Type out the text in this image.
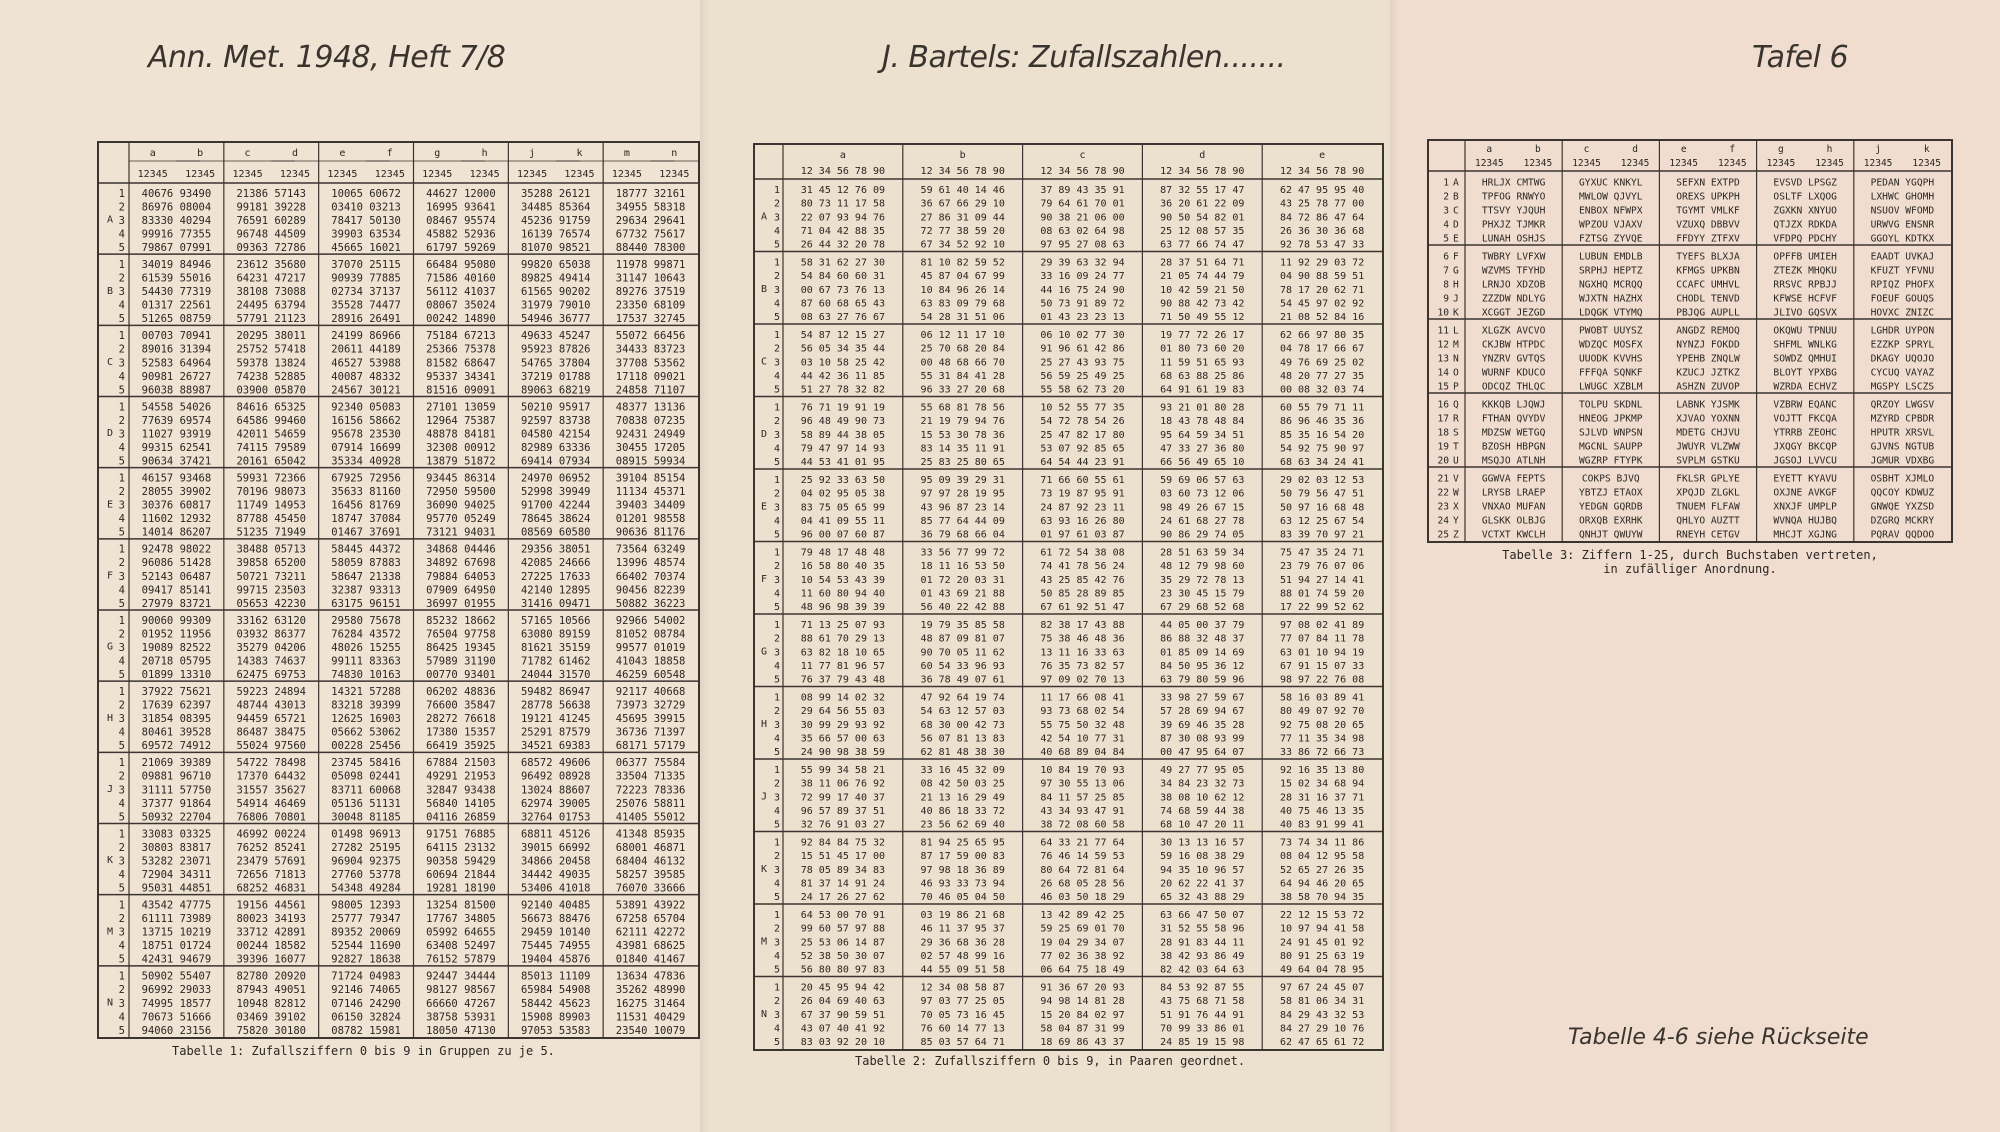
Ann. Met. 1948, Heft 7/8	J. Bartels: Zufallszahlen.......	Tafel 6
a
12345
b
12345
c
12345
d
12345
e
12345
f
12345
g
12345
h
12345
j
12345
k
12345
m
12345
n
12345
A
1 40676 93490 21386 57143 10065 60672 44627 12000 35288 26121 18777 32161
2 86976 08004 99181 39228 03410 03213 16995 93641 34485 85364 34955 58318
3 83330 40294 76591 60289 78417 50130 08467 95574 45236 91759 29634 29641
4 99916 77355 96748 44509 39903 63534 45882 52936 16139 76574 67732 75617
5 79867 07991 09363 72786 45665 16021 61797 59269 81070 98521 88440 78300
B
1 34019 84946 23612 35680 37070 25115 66484 95080 99820 65038 11978 99871
2 61539 55016 64231 47217 90939 77885 71586 40160 89825 49414 31147 10643
3 54430 77319 38108 73088 02734 37137 56112 41037 61565 90202 89276 37519
4 01317 22561 24495 63794 35528 74477 08067 35024 31979 79010 23350 68109
5 51265 08759 57791 21123 28916 26491 00242 14890 54946 36777 17537 32745
C
1 00703 70941 20295 38011 24199 86966 75184 67213 49633 45247 55072 66456
2 89016 31394 25752 57418 20611 44189 25366 75378 95923 87826 34433 83723
3 52583 64964 59378 13824 46527 53988 81582 68647 54765 37804 37708 53562
4 90981 26727 74238 52885 40087 48332 95337 34341 37219 01788 17118 09021
5 96038 88987 03900 05870 24567 30121 81516 09091 89063 68219 24858 71107
D
1 54558 54026 84616 65325 92340 05083 27101 13059 50210 95917 48377 13136
2 77639 69574 64586 99460 16156 58662 12964 75387 92597 83738 70838 07235
3 11027 93919 42011 54659 95678 23530 48878 84181 04580 42154 92431 24949
4 99315 62541 74115 79589 07914 16699 32308 00912 82989 63336 30455 17205
5 90634 37421 20161 65042 35334 40928 13879 51872 69414 07934 08915 59934
E
1 46157 93468 59931 72366 67925 72956 93445 86314 24970 06952 39104 85154
2 28055 39902 70196 98073 35633 81160 72950 59500 52998 39949 11134 45371
3 30376 60817 11749 14953 16456 81769 36090 94025 91700 42244 39403 34409
4 11602 12932 87788 45450 18747 37084 95770 05249 78645 38624 01201 98558
5 14014 86207 51235 71949 01467 37691 73121 94031 08569 60580 90636 81176
F
1 92478 98022 38488 05713 58445 44372 34868 04446 29356 38051 73564 63249
2 96086 51428 39858 65200 58059 87883 34892 67698 42085 24666 13996 48574
3 52143 06487 50721 73211 58647 21338 79884 64053 27225 17633 66402 70374
4 09417 85141 99715 23503 32387 93313 07909 64950 42140 12895 90456 82239
5 27979 83721 05653 42230 63175 96151 36997 01955 31416 09471 50882 36223
G
1 90060 99309 33162 63120 29580 75678 85232 18662 57165 10566 92966 54002
2 01952 11956 03932 86377 76284 43572 76504 97758 63080 89159 81052 08784
3 19089 82522 35279 04206 48026 15255 86425 19345 81621 35159 99577 01019
4 20718 05795 14383 74637 99111 83363 57989 31190 71782 61462 41043 18858
5 01899 13310 62475 69753 74830 10163 00770 93401 24044 31570 46259 60548
H
1 37922 75621 59223 24894 14321 57288 06202 48836 59482 86947 92117 40668
2 17639 62397 48744 43013 83218 39399 76600 35847 28778 56638 73973 32729
3 31854 08395 94459 65721 12625 16903 28272 76618 19121 41245 45695 39915
4 80461 39528 86487 38475 05662 53062 17380 15357 25291 87579 36736 71397
5 69572 74912 55024 97560 00228 25456 66419 35925 34521 69383 68171 57179
J
1 21069 39389 54722 78498 23745 58416 67884 21503 68572 49606 06377 75584
2 09881 96710 17370 64432 05098 02441 49291 21953 96492 08928 33504 71335
3 31111 57750 31557 35627 83711 60068 32847 93438 13024 88607 72223 78336
4 37377 91864 54914 46469 05136 51131 56840 14105 62974 39005 25076 58811
5 50932 22704 76806 70801 30048 81185 04116 26859 32764 01753 41405 55012
K
1 33083 03325 46992 00224 01498 96913 91751 76885 68811 45126 41348 85935
2 30803 83817 76252 85241 27282 25195 64115 23132 39015 66992 68001 46871
3 53282 23071 23479 57691 96904 92375 90358 59429 34866 20458 68404 46132
4 72904 34311 72656 71813 27760 53778 60694 21844 34442 49035 58257 39585
5 95031 44851 68252 46831 54348 49284 19281 18190 53406 41018 76070 33666
M
1 43542 47775 19156 44561 98005 12393 13254 81500 92140 40485 53891 43922
2 61111 73989 80023 34193 25777 79347 17767 34805 56673 88476 67258 65704
3 13715 10219 33712 42891 89352 20069 05992 64655 29459 10140 62111 42272
4 18751 01724 00244 18582 52544 11690 63408 52497 75445 74955 43981 68625
5 42431 94679 39396 16077 92827 18638 76152 57879 19404 45876 01840 41467
N
1 50902 55407 82780 20920 71724 04983 92447 34444 85013 11109 13634 47836
2 96992 29033 87943 49051 92146 74065 98127 98567 65984 54908 35262 48990
3 74995 18577 10948 82812 07146 24290 66660 47267 58442 45623 16275 31464
4 70673 51666 03469 39102 06150 32824 38758 53931 15908 89903 11531 40429
5 94060 23156 75820 30180 08782 15981 18050 47130 97053 53583 23540 10079
Tabelle 1: Zufallsziffern 0 bis 9 in Gruppen zu je 5.
a
12 34 56 78 90
b
12 34 56 78 90
c
12 34 56 78 90
d
12 34 56 78 90
e
12 34 56 78 90
A
1 31 45 12 76 09	59 61 40 14 46	37 89 43 35 91	87 32 55 17 47	62 47 95 95 40
2 80 73 11 17 58	36 67 66 29 10	79 64 61 70 01	36 20 61 22 09	43 25 78 77 00
3 22 07 93 94 76	27 86 31 09 44	90 38 21 06 00	90 50 54 82 01	84 72 86 47 64
4 71 04 42 88 35	72 77 38 59 20	08 63 02 64 98	25 12 08 57 35	26 36 30 36 68
5 26 44 32 20 78	67 34 52 92 10	97 95 27 08 63	63 77 66 74 47	92 78 53 47 33
B
1 58 31 62 27 30	81 10 82 59 52	29 39 63 32 94	28 37 51 64 71	11 92 29 03 72
2 54 84 60 60 31	45 87 04 67 99	33 16 09 24 77	21 05 74 44 79	04 90 88 59 51
3 00 67 73 76 13	10 84 96 26 14	44 16 75 24 90	10 42 59 21 50	78 17 20 62 71
4 87 60 68 65 43	63 83 09 79 68	50 73 91 89 72	90 88 42 73 42	54 45 97 02 92
5 08 63 27 76 67	54 28 31 51 06	01 43 23 23 13	71 50 49 55 12	21 08 52 84 16
C
1 54 87 12 15 27	06 12 11 17 10	06 10 02 77 30	19 77 72 26 17	62 66 97 80 35
2 56 05 34 35 44	25 70 68 20 84	91 96 61 42 86	01 80 73 60 20	04 78 17 66 67
3 03 10 58 25 42	00 48 68 66 70	25 27 43 93 75	11 59 51 65 93	49 76 69 25 02
4 44 42 36 11 85	55 31 84 41 28	56 59 25 49 25	68 63 88 25 86	48 20 77 27 35
5 51 27 78 32 82	96 33 27 20 68	55 58 62 73 20	64 91 61 19 83	00 08 32 03 74
D
1 76 71 19 91 19	55 68 81 78 56	10 52 55 77 35	93 21 01 80 28	60 55 79 71 11
2 96 48 49 90 73	21 19 79 94 76	54 72 78 54 26	18 43 78 48 84	86 96 46 35 36
3 58 89 44 38 05	15 53 30 78 36	25 47 82 17 80	95 64 59 34 51	85 35 16 54 20
4 79 47 97 14 93	83 14 35 11 91	53 07 92 85 65	47 33 27 36 80	54 92 75 90 97
5 44 53 41 01 95	25 83 25 80 65	64 54 44 23 91	66 56 49 65 10	68 63 34 24 41
E
1 25 92 33 63 50	95 09 39 29 31	71 66 60 55 61	59 69 06 57 63	29 02 03 12 53
2 04 02 95 05 38	97 97 28 19 95	73 19 87 95 91	03 60 73 12 06	50 79 56 47 51
3 83 75 05 65 99	43 96 87 23 14	24 87 92 23 11	98 49 26 67 15	50 97 16 68 48
4 04 41 09 55 11	85 77 64 44 09	63 93 16 26 80	24 61 68 27 78	63 12 25 67 54
5 96 00 07 60 87	36 79 68 66 04	01 97 61 03 87	90 86 29 74 05	83 39 70 97 21
F
1 79 48 17 48 48	33 56 77 99 72	61 72 54 38 08	28 51 63 59 34	75 47 35 24 71
2 16 58 80 40 35	18 11 16 53 50	74 41 78 56 24	48 12 79 98 60	23 79 76 07 06
3 10 54 53 43 39	01 72 20 03 31	43 25 85 42 76	35 29 72 78 13	51 94 27 14 41
4 11 60 80 94 40	01 43 69 21 88	50 85 28 89 85	23 30 45 15 79	88 01 74 59 20
5 48 96 98 39 39	56 40 22 42 88	67 61 92 51 47	67 29 68 52 68	17 22 99 52 62
G
1 71 13 25 07 93	19 79 35 85 58	82 38 17 43 88	44 05 00 37 79	97 08 02 41 89
2 88 61 70 29 13	48 87 09 81 07	75 38 46 48 36	86 88 32 48 37	77 07 84 11 78
3 63 82 18 10 65	90 70 05 11 62	13 11 16 33 63	01 85 09 14 69	63 01 10 94 19
4 11 77 81 96 57	60 54 33 96 93	76 35 73 82 57	84 50 95 36 12	67 91 15 07 33
5 76 37 79 43 48	36 78 49 07 61	97 09 02 70 13	63 79 80 59 96	98 97 22 76 08
H
1 08 99 14 02 32	47 92 64 19 74	11 17 66 08 41	33 98 27 59 67	58 16 03 89 41
2 29 64 56 55 03	54 63 12 57 03	93 73 68 02 54	57 28 69 94 67	80 49 07 92 70
3 30 99 29 93 92	68 30 00 42 73	55 75 50 32 48	39 69 46 35 28	92 75 08 20 65
4 35 66 57 00 63	56 07 81 13 83	42 54 10 77 31	87 30 08 93 99	77 11 35 34 98
5 24 90 98 38 59	62 81 48 38 30	40 68 89 04 84	00 47 95 64 07	33 86 72 66 73
J
1 55 99 34 58 21	33 16 45 32 09	10 84 19 70 93	49 27 77 95 05	92 16 35 13 80
2 38 11 06 76 92	08 42 50 03 25	97 30 55 13 06	34 84 23 32 73	15 02 34 68 94
3 72 99 17 40 37	21 13 16 29 49	84 11 57 25 85	38 08 10 62 12	28 31 16 37 71
4 96 57 89 37 51	40 86 18 33 72	43 34 93 47 91	74 68 59 44 38	40 75 46 13 35
5 32 76 91 03 27	23 56 62 69 40	38 72 08 60 58	68 10 47 20 11	40 83 91 99 41
K
1 92 84 84 75 32	81 94 25 65 95	64 33 21 77 64	30 13 13 16 57	73 74 34 11 86
2 15 51 45 17 00	87 17 59 00 83	76 46 14 59 53	59 16 08 38 29	08 04 12 95 58
3 78 05 89 34 83	97 98 18 36 89	80 64 72 81 64	94 35 10 96 57	52 65 27 26 35
4 81 37 14 91 24	46 93 33 73 94	26 68 05 28 56	20 62 22 41 37	64 94 46 20 65
5 24 17 26 27 62	70 46 05 04 50	46 03 50 18 29	65 32 43 88 29	38 58 70 94 35
M
1 64 53 00 70 91	03 19 86 21 68	13 42 89 42 25	63 66 47 50 07	22 12 15 53 72
2 99 60 57 97 88	46 11 37 95 37	59 25 69 01 70	31 52 55 58 96	10 97 94 41 58
3 25 53 06 14 87	29 36 68 36 28	19 04 29 34 07	28 91 83 44 11	24 91 45 01 92
4 52 38 50 30 07	02 57 48 99 16	77 02 36 38 92	38 42 93 86 49	80 91 25 63 19
5 56 80 80 97 83	44 55 09 51 58	06 64 75 18 49	82 42 03 64 63	49 64 04 78 95
N
1 20 45 95 94 42	12 34 08 58 87	91 36 67 20 93	84 53 92 87 55	97 67 24 45 07
2 26 04 69 40 63	97 03 77 25 05	94 98 14 81 28	43 75 68 71 58	58 81 06 34 31
3 67 37 90 59 51	70 05 73 16 45	15 20 84 02 97	51 91 76 44 91	84 29 43 32 53
4 43 07 40 41 92	76 60 14 77 13	58 04 87 31 99	70 99 33 86 01	84 27 29 10 76
5 83 03 92 20 10	85 03 57 64 71	18 69 86 43 37	24 85 19 15 98	62 47 65 61 72
Tabelle 2: Zufallsziffern 0 bis 9, in Paaren geordnet.
a
12345
b
12345
c
12345
d
12345
e
12345
f
12345
g
12345
h
12345
j
12345
k
12345
1 A HRLJX CMTWG	GYXUC KNKYL	SEFXN EXTPD	EVSVD LPSGZ	PEDAN YGQPH
2 B TPFOG RNWYO	MWLOW QJVYL	OREXS UPKPH	OSLTF LXQOG	LXHWC GHOMH
3 C TTSVY YJQUH	ENBOX NFWPX	TGYMT VMLKF	ZGXKN XNYUO	NSUOV WFOMD
4 D PHXJZ TJMKR	WPZOU VJAXV	VZUXQ DBBVV	QTJZX RDKDA	URWVG ENSNR
5 E LUNAH OSHJS	FZTSG ZYVQE	FFDYY ZTFXV	VFDPQ PDCHY	GGOYL KDTKX
6 F TWBRY LVFXW	LUBUN EMDLB	TYEFS BLXJA	OPFFB UMIEH	EAADT UVKAJ
7 G WZVMS TFYHD	SRPHJ HEPTZ	KFMGS UPKBN	ZTEZK MHQKU	KFUZT YFVNU
8 H LRNJO XDZOB	NGXHQ MCRQQ	CCAFC UMHVL	RRSVC RPBJJ	RPIQZ PHOFX
9 J ZZZDW NDLYG	WJXTN HAZHX	CHODL TENVD	KFWSE HCFVF	FOEUF GOUQS
10 K XCGGT JEZGD	LDQGK VTYMQ	PBJQG AUPLL	JLIVO GQSVX	HOVXC ZNIZC
11 L XLGZK AVCVO	PWOBT UUYSZ	ANGDZ REMOQ	OKQWU TPNUU	LGHDR UYPON
12 M CKJBW HTPDC	WDZQC MOSFX	NYNZJ FOKDD	SHFML WNLKG	EZZKP SPRYL
13 N YNZRV GVTQS	UUODK KVVHS	YPEHB ZNQLW	SOWDZ QMHUI	DKAGY UQOJO
14 O WURNF KDUCO	FFFQA SQNKF	KZUCJ JZTKZ	BLOYT YPXBG	CYCUQ VAYAZ
15 P ODCQZ THLQC	LWUGC XZBLM	ASHZN ZUVOP	WZRDA ECHVZ	MGSPY LSCZS
16 Q KKKQB LJQWJ	TOLPU SKDNL	LABNK YJSMK	VZBRW EQANC	QRZOY LWGSV
17 R FTHAN QVYDV	HNEOG JPKMP	XJVAO YOXNN	VOJTT FKCQA	MZYRD CPBDR
18 S MDZSW WETGQ	SJLVD WNPSN	MDETG CHJVU	YTRRB ZEOHC	HPUTR XRSVL
19 T BZOSH HBPGN	MGCNL SAUPP	JWUYR VLZWW	JXQGY BKCQP	GJVNS NGTUB
20 U MSQJO ATLNH	WGZRP FTYPK	SVPLM GSTKU	JGSOJ LVVCU	JGMUR VDXBG
21 V GGWVA FEPTS	COKPS BJVQ	FKLSR GPLYE	EYETT KYAVU	OSBHT XJMLO
22 W LRYSB LRAEP	YBTZJ ETAOX	XPQJD ZLGKL	OXJNE AVKGF	QQCOY KDWUZ
23 X VNXAO MUFAN	YEDGN GQRDB	TNUEM FLFAW	XNXJF UMPLP	GNWQE YXZSD
24 Y GLSKK OLBJG	ORXQB EXRHK	QHLYO AUZTT	WVNQA HUJBQ	DZGRQ MCKRY
25 Z VCTXT KWCLH	QNHJT QWUYW	RNEYH CETGV	MHCJT XGJNG	PQRAV QQDOO
Tabelle 3: Ziffern 1-25, durch Buchstaben vertreten,
in zufälliger Anordnung.
Tabelle 4-6 siehe Rückseite
